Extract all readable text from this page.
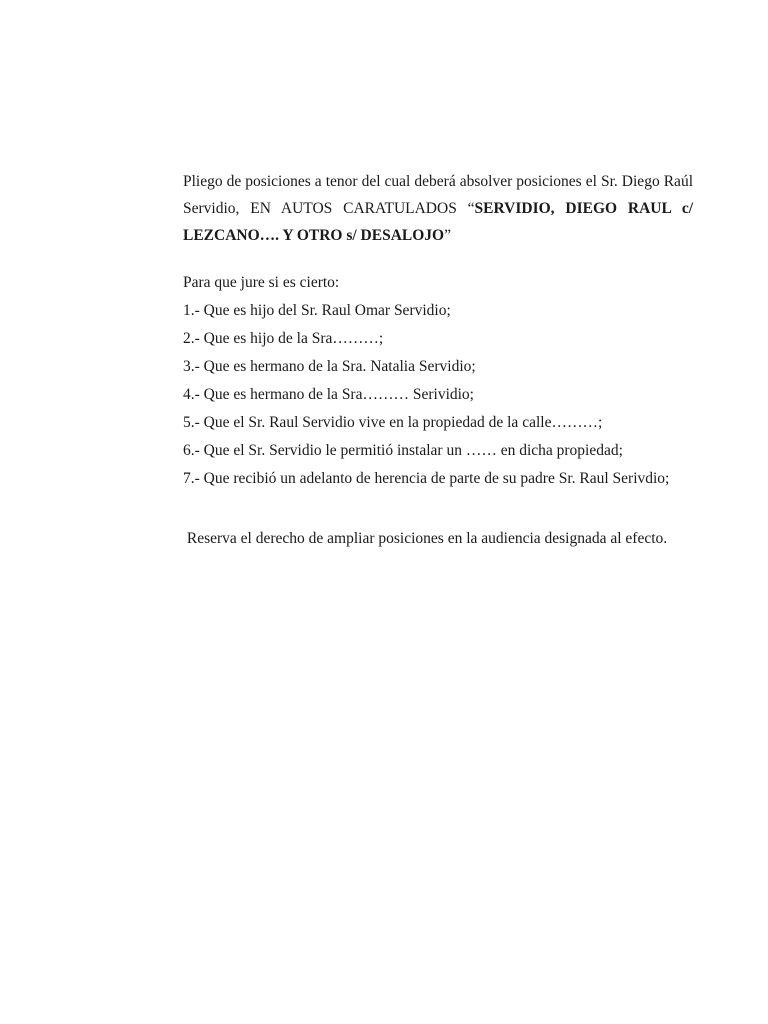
Pliego de posiciones a tenor del cual deberá absolver posiciones el Sr. Diego Raúl Servidio, EN AUTOS CARATULADOS “SERVIDIO, DIEGO RAUL c/ LEZCANO…. Y OTRO s/ DESALOJO”

Para que jure si es cierto:

1.- Que es hijo del Sr. Raul Omar Servidio;
2.- Que es hijo de la Sra………;
3.- Que es hermano de la Sra. Natalia Servidio;
4.- Que es hermano de la Sra……… Serividio;
5.- Que el Sr. Raul Servidio vive en la propiedad de la calle………;
6.- Que el Sr. Servidio le permitió instalar un …… en dicha propiedad;
7.- Que recibió un adelanto de herencia de parte de su padre Sr. Raul Serivdio;

Reserva el derecho de ampliar posiciones en la audiencia designada al efecto.
